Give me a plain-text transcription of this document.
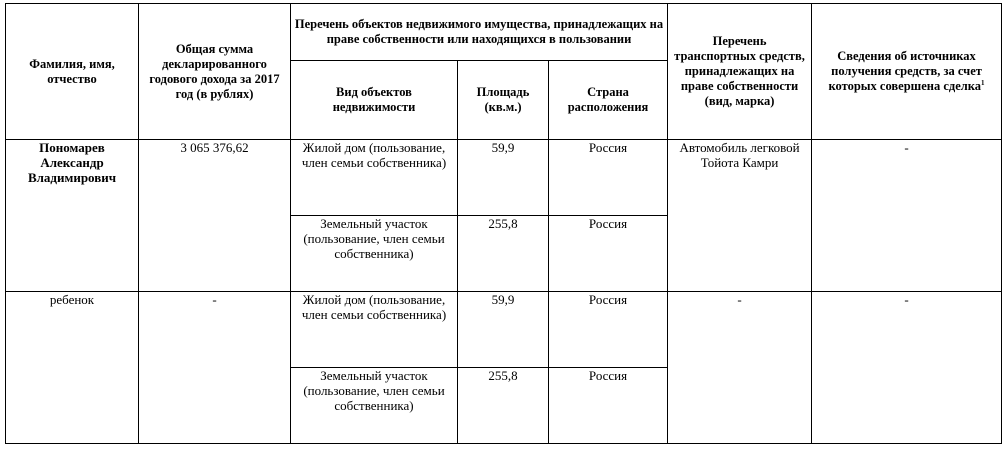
Фамилия, имя, отчество	Общая сумма декларированного годового дохода за 2017 год (в рублях)	Перечень объектов недвижимого имущества, принадлежащих на праве собственности или находящихся в пользовании			Перечень транспортных средств, принадлежащих на праве собственности (вид, марка)	Сведения об источниках получения средств, за счет которых совершена сделка$^1$
		Вид объектов недвижимости	Площадь (кв.м.)	Страна расположения		
Пономарев Александр Владимирович	3 065 376,62	Жилой дом (пользование, член семьи собственника)	59,9	Россия	Автомобиль легковой Тойота Камри	-
		Земельный участок (пользование, член семьи собственника)	255,8	Россия		
ребенок	-	Жилой дом (пользование, член семьи собственника)	59,9	Россия	-	-
		Земельный участок (пользование, член семьи собственника)	255,8	Россия		
